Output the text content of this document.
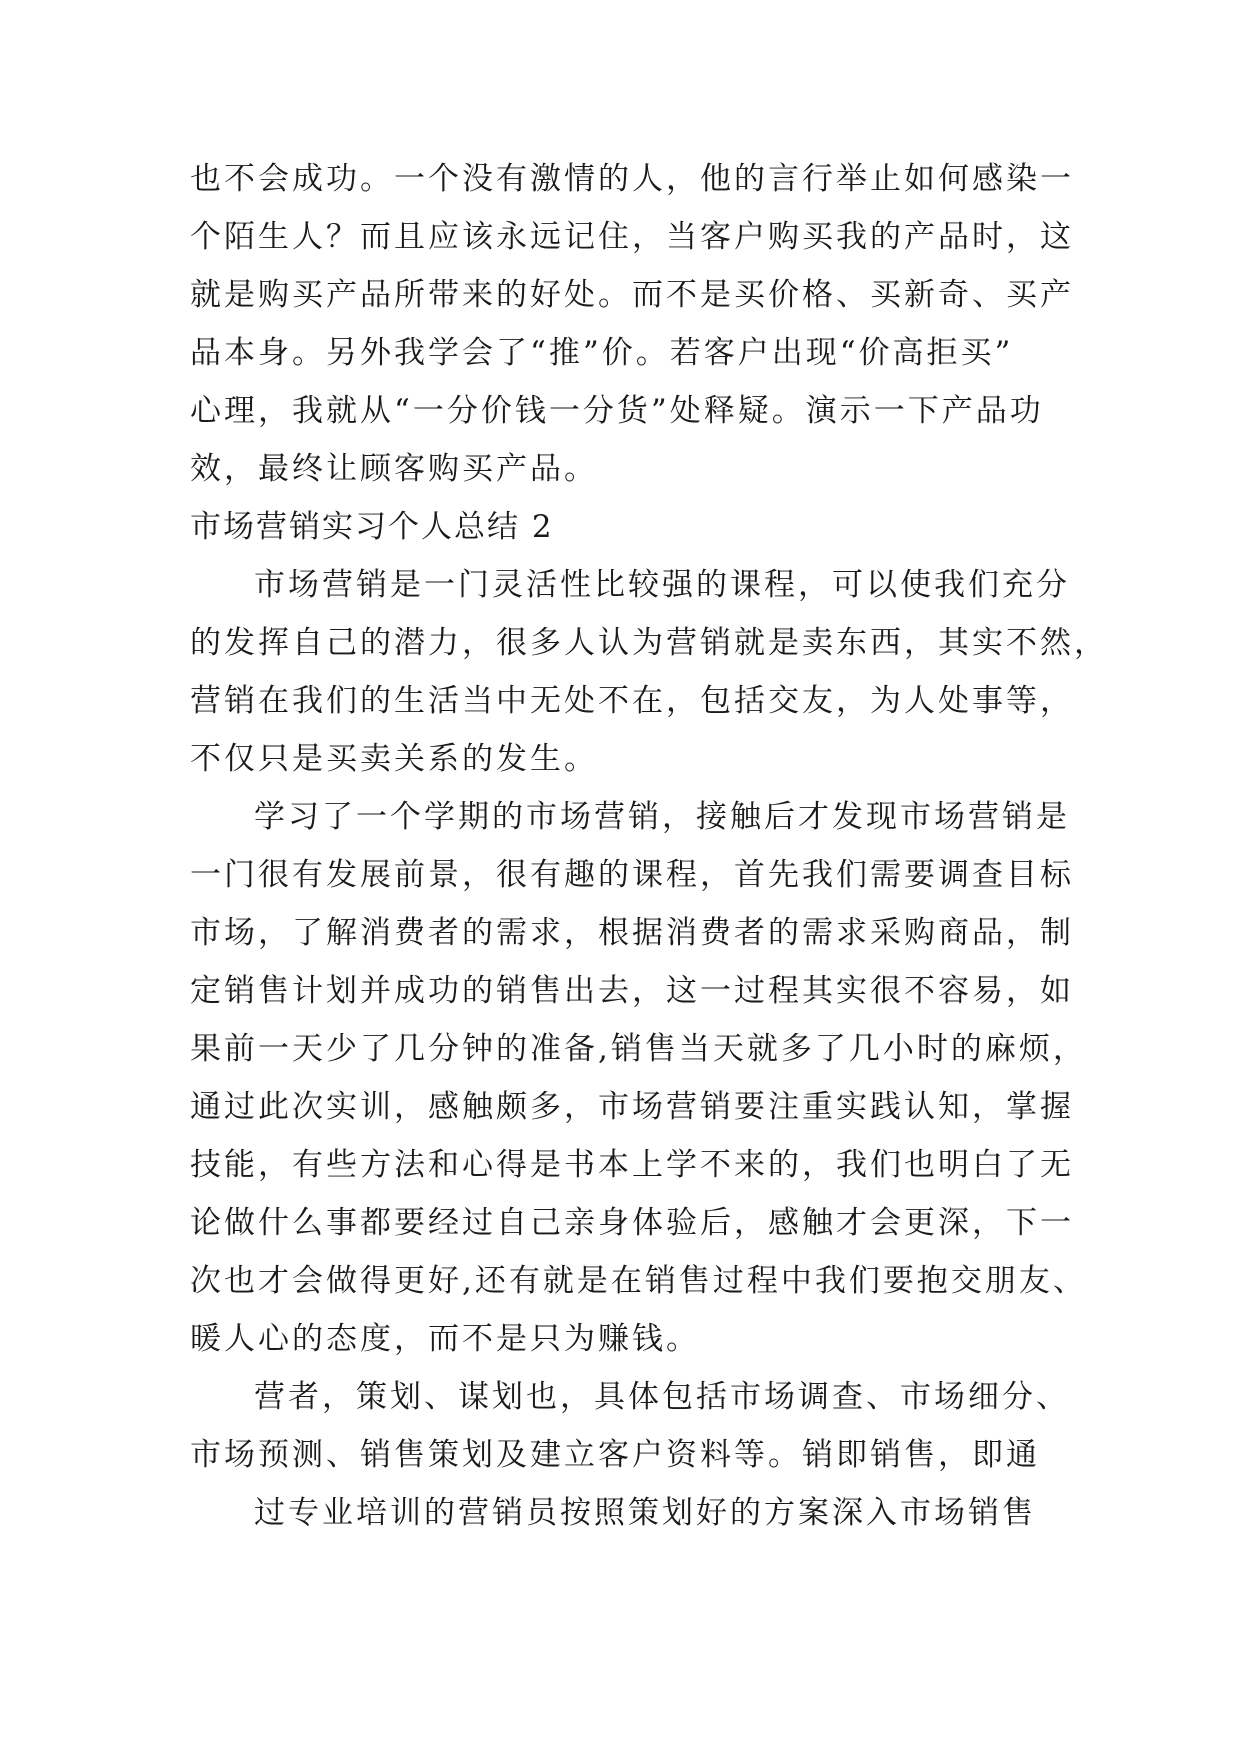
也不会成功。一个没有激情的人，他的言行举止如何感染一
个陌生人？而且应该永远记住，当客户购买我的产品时，这
就是购买产品所带来的好处。而不是买价格、买新奇、买产
品本身。另外我学会了“推”价。若客户出现“价高拒买”
心理，我就从“一分价钱一分货”处释疑。演示一下产品功
效，最终让顾客购买产品。
市场营销实习个人总结 2
市场营销是一门灵活性比较强的课程，可以使我们充分
的发挥自己的潜力，很多人认为营销就是卖东西，其实不然，
营销在我们的生活当中无处不在，包括交友，为人处事等，
不仅只是买卖关系的发生。
学习了一个学期的市场营销，接触后才发现市场营销是
一门很有发展前景，很有趣的课程，首先我们需要调查目标
市场，了解消费者的需求，根据消费者的需求采购商品，制
定销售计划并成功的销售出去，这一过程其实很不容易，如
果前一天少了几分钟的准备,销售当天就多了几小时的麻烦，
通过此次实训，感触颇多，市场营销要注重实践认知，掌握
技能，有些方法和心得是书本上学不来的，我们也明白了无
论做什么事都要经过自己亲身体验后，感触才会更深，下一
次也才会做得更好,还有就是在销售过程中我们要抱交朋友、
暖人心的态度，而不是只为赚钱。
营者，策划、谋划也，具体包括市场调查、市场细分、
市场预测、销售策划及建立客户资料等。销即销售，即通
过专业培训的营销员按照策划好的方案深入市场销售
